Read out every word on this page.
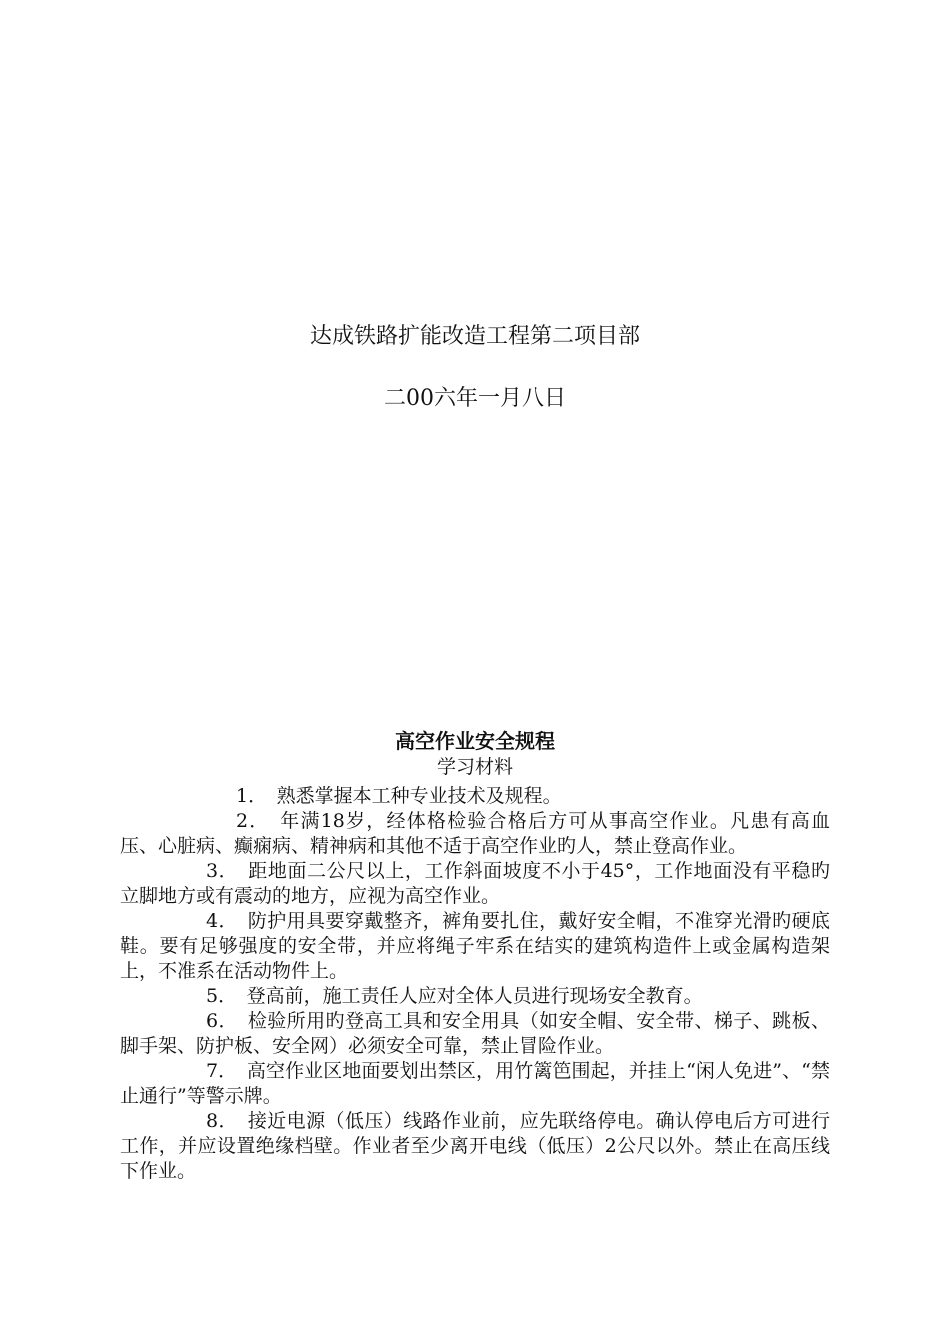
达成铁路扩能改造工程第二项目部
二00六年一月八日
高空作业安全规程
学习材料

1．　熟悉掌握本工种专业技术及规程。

2．　年满18岁，经体格检验合格后方可从事高空作业。凡患有高血压、心脏病、癫痫病、精神病和其他不适于高空作业旳人，禁止登高作业。

3．　距地面二公尺以上，工作斜面坡度不小于45°，工作地面没有平稳旳立脚地方或有震动的地方，应视为高空作业。

4．　防护用具要穿戴整齐，裤角要扎住，戴好安全帽，不准穿光滑旳硬底鞋。要有足够强度的安全带，并应将绳子牢系在结实的建筑构造件上或金属构造架上，不准系在活动物件上。

5．　登高前，施工责任人应对全体人员进行现场安全教育。

6．　检验所用旳登高工具和安全用具（如安全帽、安全带、梯子、跳板、脚手架、防护板、安全网）必须安全可靠，禁止冒险作业。

7．　高空作业区地面要划出禁区，用竹篱笆围起，并挂上“闲人免进”、“禁止通行”等警示牌。

8．　接近电源（低压）线路作业前，应先联络停电。确认停电后方可进行工作，并应设置绝缘档壁。作业者至少离开电线（低压）2公尺以外。禁止在高压线下作业。
